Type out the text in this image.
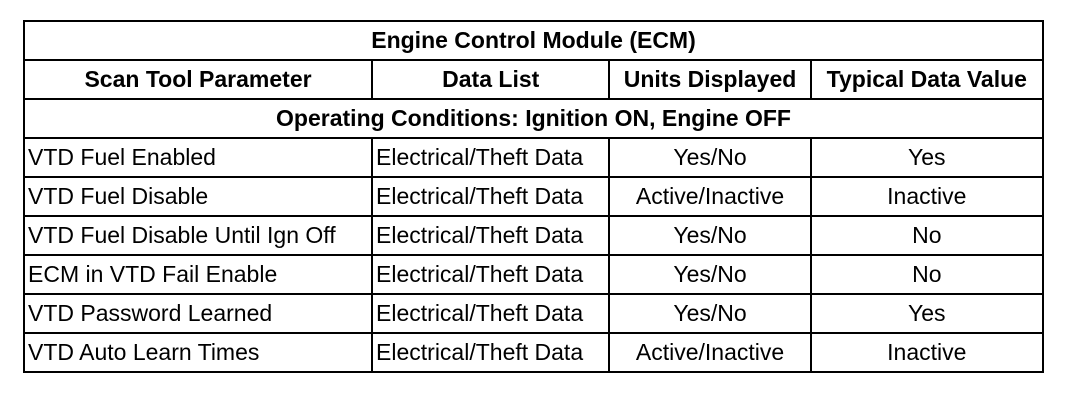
Engine Control Module (ECM)			
Scan Tool Parameter	Data List	Units Displayed	Typical Data Value
Operating Conditions: Ignition ON, Engine OFF			
VTD Fuel Enabled	Electrical/Theft Data	Yes/No	Yes
VTD Fuel Disable	Electrical/Theft Data	Active/Inactive	Inactive
VTD Fuel Disable Until Ign Off	Electrical/Theft Data	Yes/No	No
ECM in VTD Fail Enable	Electrical/Theft Data	Yes/No	No
VTD Password Learned	Electrical/Theft Data	Yes/No	Yes
VTD Auto Learn Times	Electrical/Theft Data	Active/Inactive	Inactive
